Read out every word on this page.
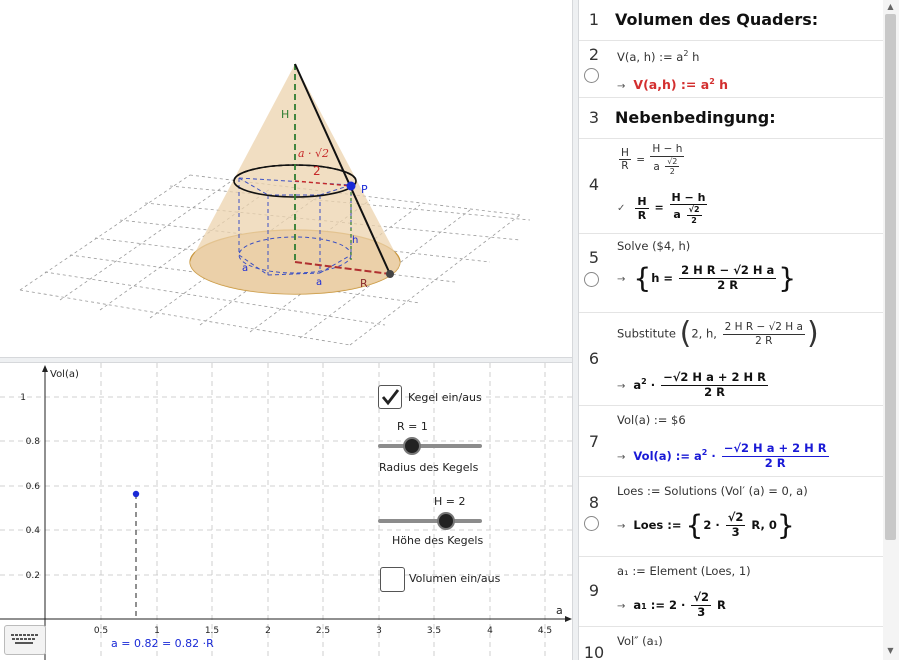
H
a · √2
2
P
h
a
a	R
1
0.8
0.6
0.4
0.2
0.5	1	1.5	2	2.5	3	3.5	4	4.5
Vol(a)
a
a = 0.82 = 0.82 ·R
Kegel ein/aus
R = 1
Radius des Kegels
H = 2
Höhe des Kegels
Volumen ein/aus
1 Volumen des Quaders:
2	V(a, h) := $a^2$ h
→ V(a,h) := $a^2$ h
3 Nebenbedingung:
4
$\frac{H}{R} = \frac{H - h}{a \frac{√2}{2}}$
✓ $\frac{H}{R} = \frac{H - h}{a \frac{√2}{2}}$
5
Solve ($4, h)
→ {$h = \frac{\text{2 H R − √2 H a}}{2 R}$ }
6
Substitute (2, h, $\frac{\text{2 H R − √2 H a}}{2 R}$ )
→ $a^2 \cdot \frac{\text{−√2 H a + 2 H R}}{2 R}$
7
Vol(a) := $6
→ Vol(a) := $a^2 \cdot \frac{\text{−√2 H a + 2 H R}}{2 R}$
8
Loes := Solutions (Vol′ (a) = 0, a)
→ Loes := {$2 \cdot \frac{√2}{3} R$, 0}
9
a₁ := Element (Loes, 1)
→ a1 := $2 \cdot \frac{√2}{3}$ R
10
Vol″ (a₁)
▲
▼
